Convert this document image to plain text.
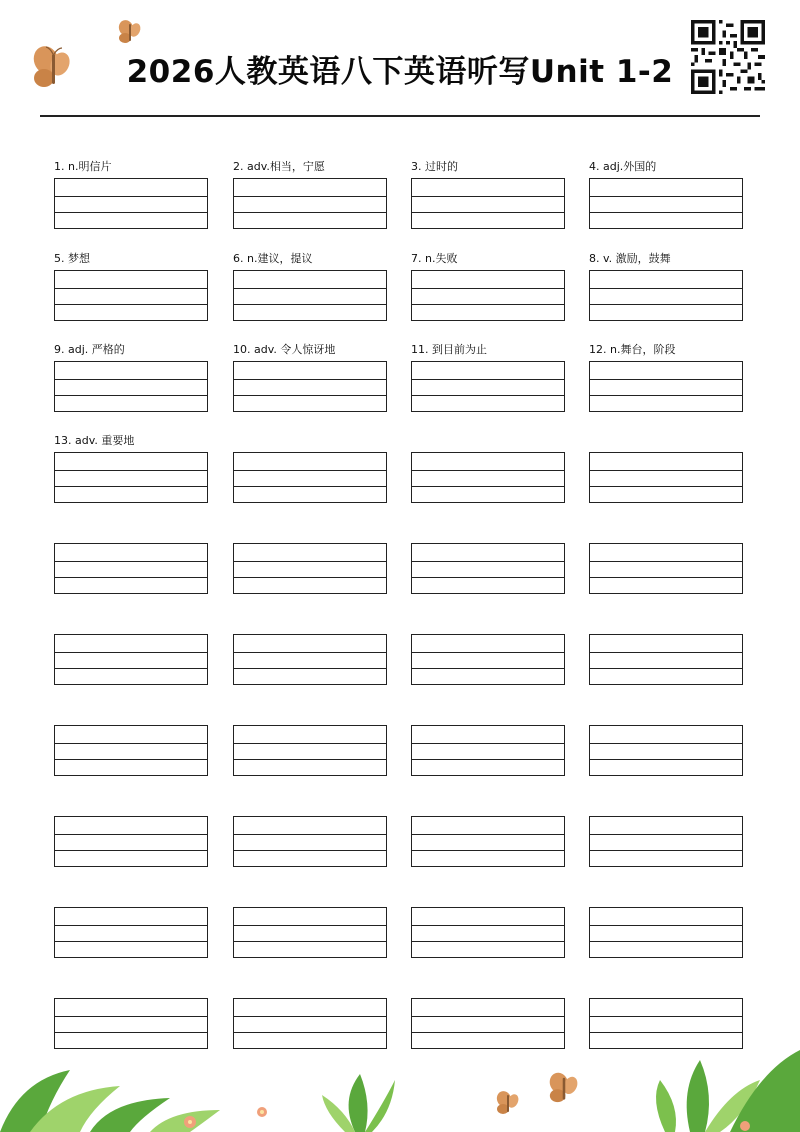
2026人教英语八下英语听写Unit 1-2
1. n.明信片	2. adv.相当，宁愿	3. 过时的	4. adj.外国的
5. 梦想	6. n.建议，提议	7. n.失败	8. v. 激励，鼓舞
9. adj. 严格的	10. adv. 令人惊讶地	11. 到目前为止	12. n.舞台，阶段
13. adv. 重要地
